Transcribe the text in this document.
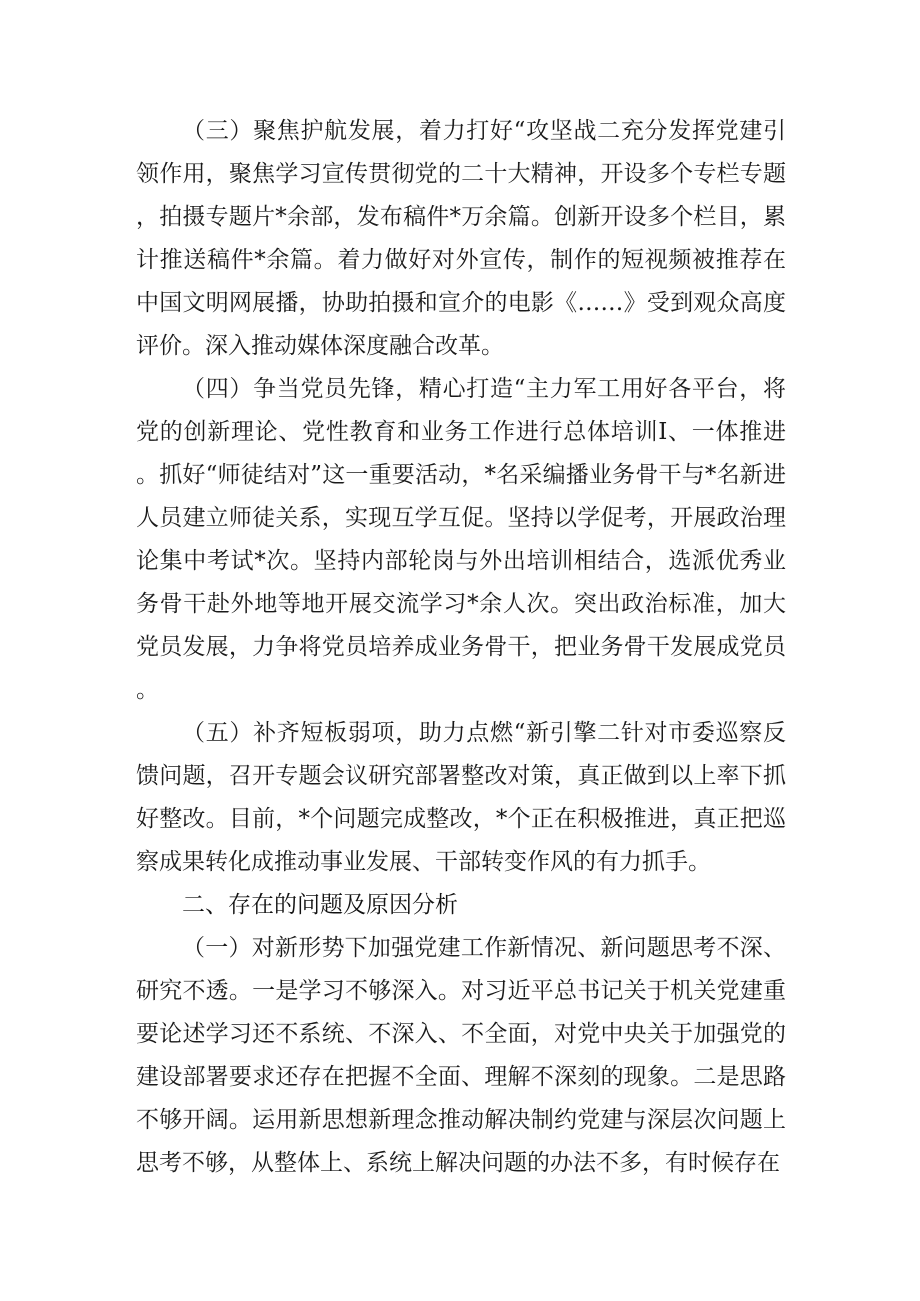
（三）聚焦护航发展，着力打好“攻坚战二充分发挥党建引领作用，聚焦学习宣传贯彻党的二十大精神，开设多个专栏专题，拍摄专题片*余部，发布稿件*万余篇。创新开设多个栏目，累计推送稿件*余篇。着力做好对外宣传，制作的短视频被推荐在中国文明网展播，协助拍摄和宣介的电影《……》受到观众高度评价。深入推动媒体深度融合改革。

（四）争当党员先锋，精心打造“主力军工用好各平台，将党的创新理论、党性教育和业务工作进行总体培训I、一体推进。抓好“师徒结对”这一重要活动，*名采编播业务骨干与*名新进人员建立师徒关系，实现互学互促。坚持以学促考，开展政治理论集中考试*次。坚持内部轮岗与外出培训相结合，选派优秀业务骨干赴外地等地开展交流学习*余人次。突出政治标准，加大党员发展，力争将党员培养成业务骨干，把业务骨干发展成党员。

（五）补齐短板弱项，助力点燃“新引擎二针对市委巡察反馈问题，召开专题会议研究部署整改对策，真正做到以上率下抓好整改。目前，*个问题完成整改，*个正在积极推进，真正把巡察成果转化成推动事业发展、干部转变作风的有力抓手。

二、存在的问题及原因分析

（一）对新形势下加强党建工作新情况、新问题思考不深、研究不透。一是学习不够深入。对习近平总书记关于机关党建重要论述学习还不系统、不深入、不全面，对党中央关于加强党的建设部署要求还存在把握不全面、理解不深刻的现象。二是思路不够开阔。运用新思想新理念推动解决制约党建与深层次问题上思考不够，从整体上、系统上解决问题的办法不多，有时候存在
